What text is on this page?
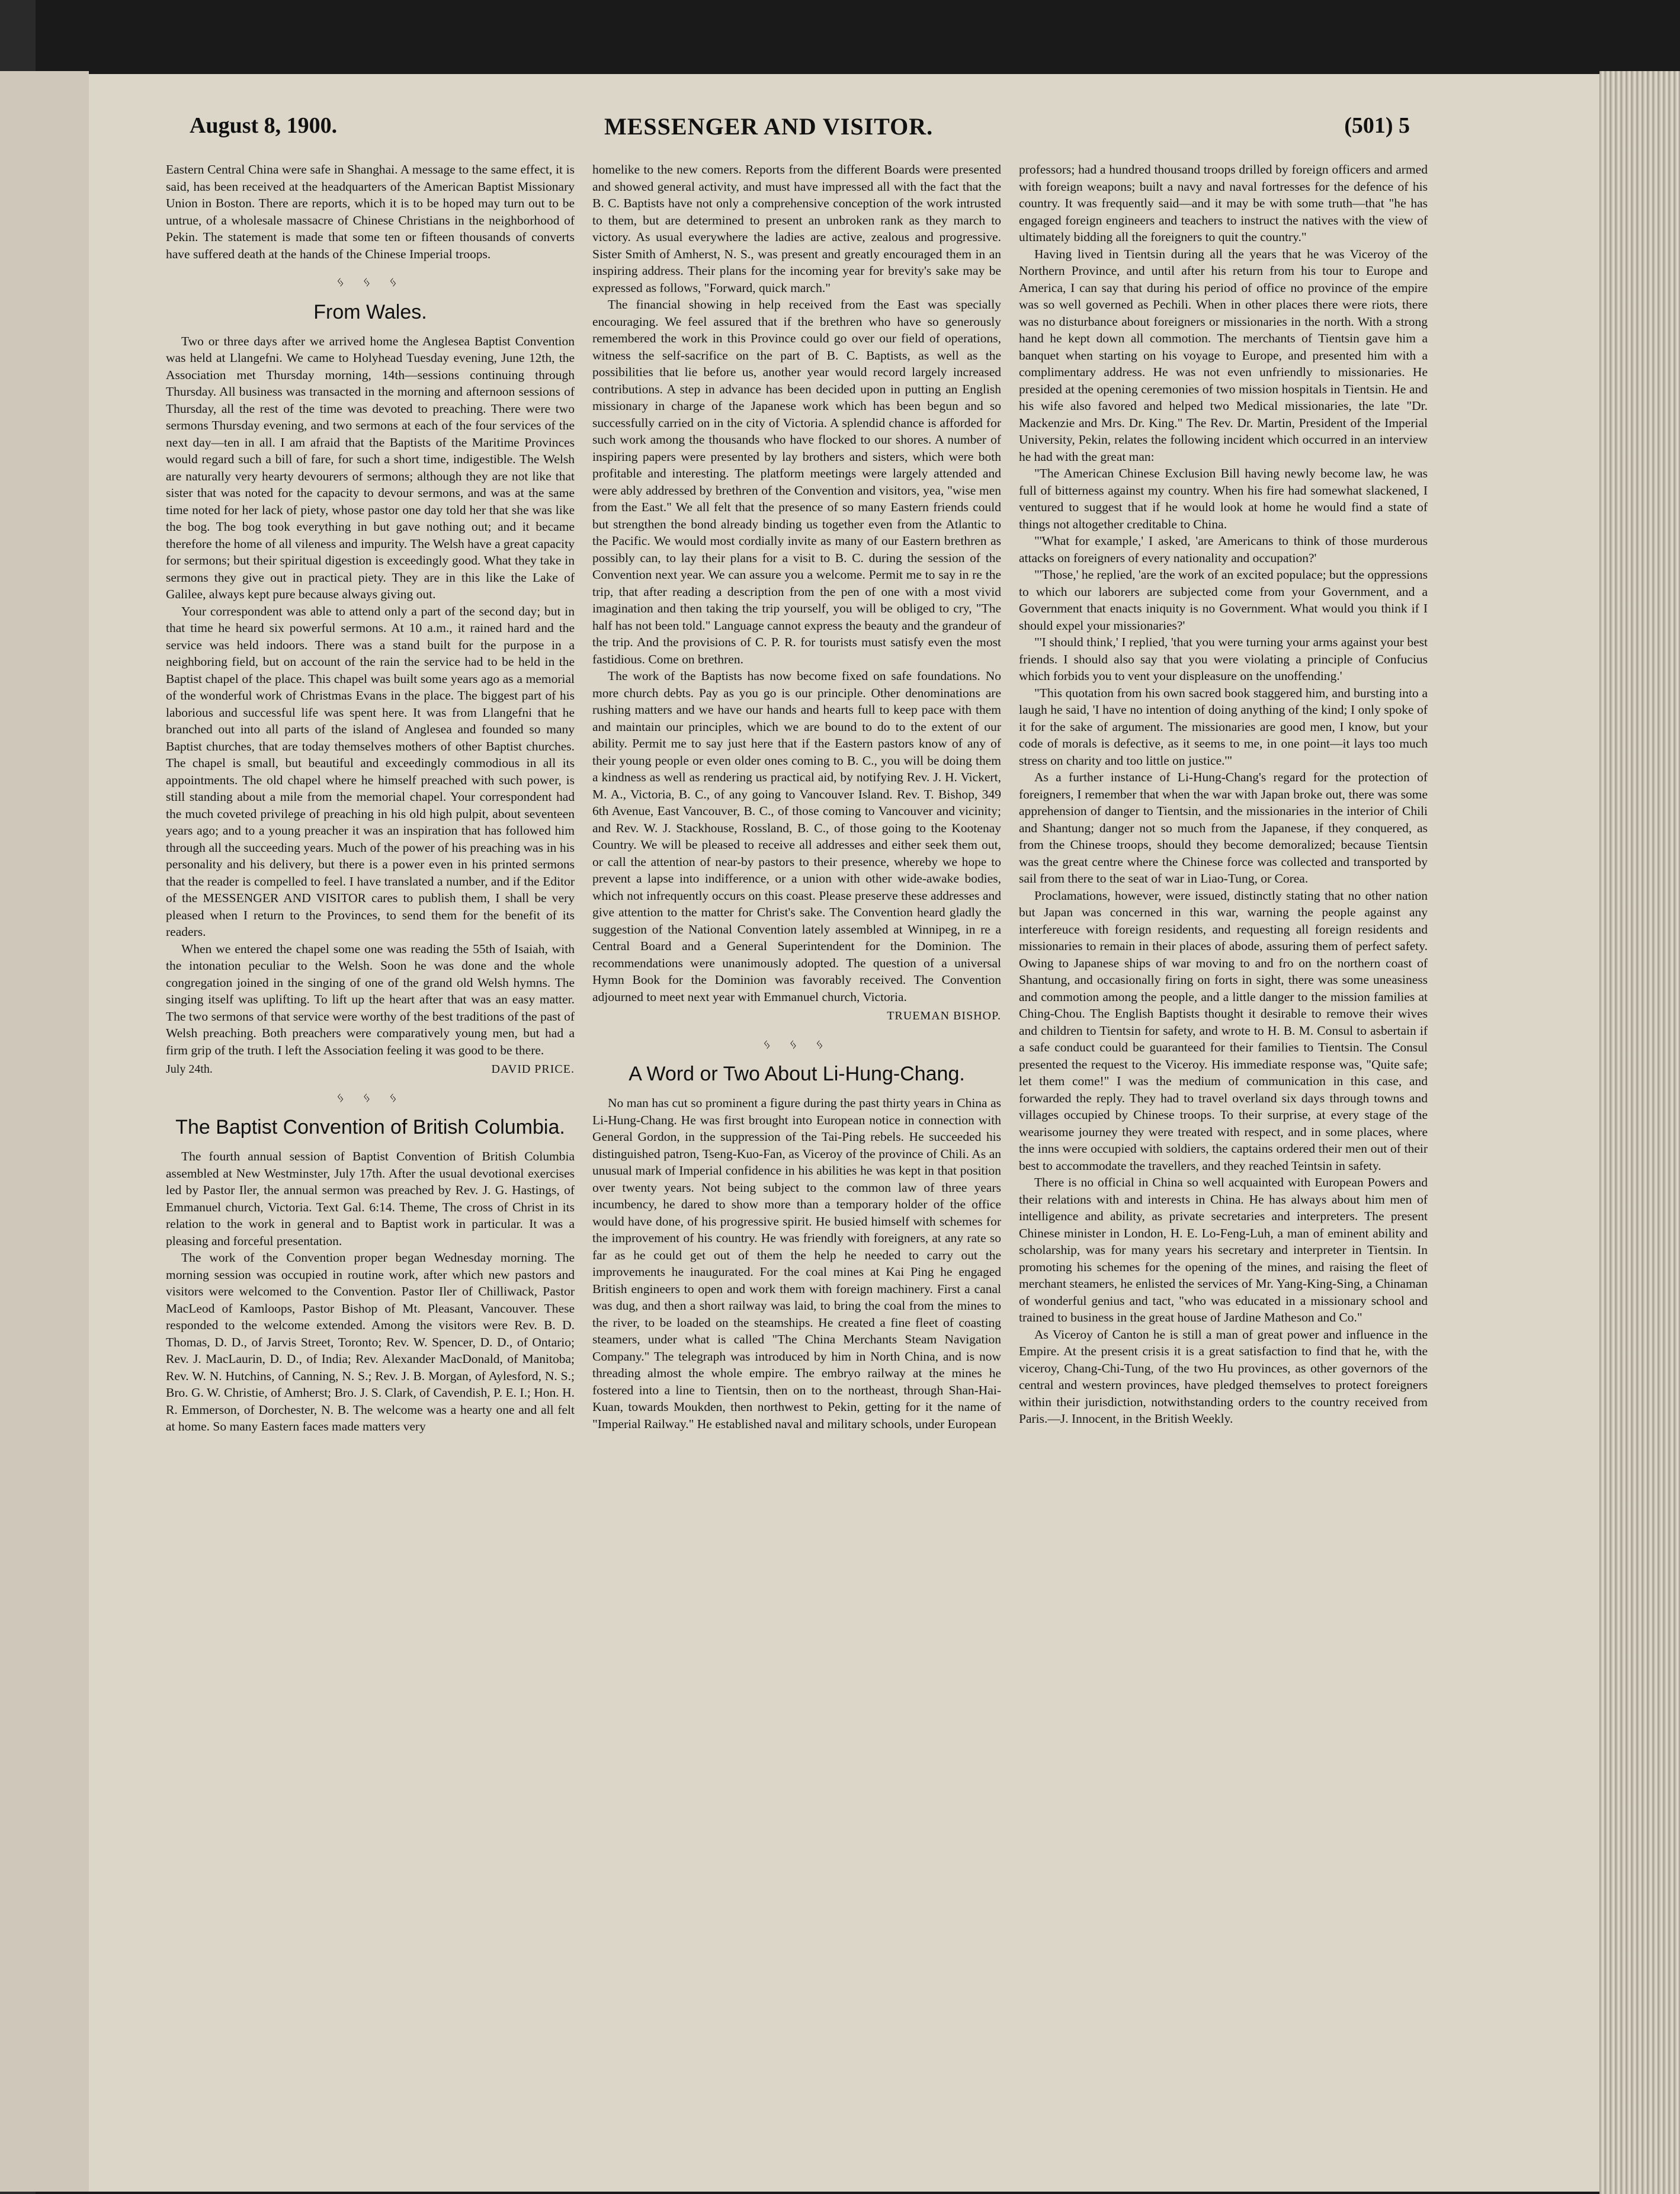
August 8, 1900.	MESSENGER AND VISITOR.	(501) 5

Eastern Central China were safe in Shanghai. A message to the same effect, it is said, has been received at the headquarters of the American Baptist Missionary Union in Boston. There are reports, which it is to be hoped may turn out to be untrue, of a wholesale massacre of Chinese Christians in the neighborhood of Pekin. The statement is made that some ten or fifteen thousands of converts have suffered death at the hands of the Chinese Imperial troops.

ᛃ ᛃ ᛃ
From Wales.

Two or three days after we arrived home the Anglesea Baptist Convention was held at Llangefni. We came to Holyhead Tuesday evening, June 12th, the Association met Thursday morning, 14th—sessions continuing through Thursday. All business was transacted in the morning and afternoon sessions of Thursday, all the rest of the time was devoted to preaching. There were two sermons Thursday evening, and two sermons at each of the four services of the next day—ten in all. I am afraid that the Baptists of the Maritime Provinces would regard such a bill of fare, for such a short time, indigestible. The Welsh are naturally very hearty devourers of sermons; although they are not like that sister that was noted for the capacity to devour sermons, and was at the same time noted for her lack of piety, whose pastor one day told her that she was like the bog. The bog took everything in but gave nothing out; and it became therefore the home of all vileness and impurity. The Welsh have a great capacity for sermons; but their spiritual digestion is exceedingly good. What they take in sermons they give out in practical piety. They are in this like the Lake of Galilee, always kept pure because always giving out.

Your correspondent was able to attend only a part of the second day; but in that time he heard six powerful sermons. At 10 a.m., it rained hard and the service was held indoors. There was a stand built for the purpose in a neighboring field, but on account of the rain the service had to be held in the Baptist chapel of the place. This chapel was built some years ago as a memorial of the wonderful work of Christmas Evans in the place. The biggest part of his laborious and successful life was spent here. It was from Llangefni that he branched out into all parts of the island of Anglesea and founded so many Baptist churches, that are today themselves mothers of other Baptist churches. The chapel is small, but beautiful and exceedingly commodious in all its appointments. The old chapel where he himself preached with such power, is still standing about a mile from the memorial chapel. Your correspondent had the much coveted privilege of preaching in his old high pulpit, about seventeen years ago; and to a young preacher it was an inspiration that has followed him through all the succeeding years. Much of the power of his preaching was in his personality and his delivery, but there is a power even in his printed sermons that the reader is compelled to feel. I have translated a number, and if the Editor of the MESSENGER AND VISITOR cares to publish them, I shall be very pleased when I return to the Provinces, to send them for the benefit of its readers.

When we entered the chapel some one was reading the 55th of Isaiah, with the intonation peculiar to the Welsh. Soon he was done and the whole congregation joined in the singing of one of the grand old Welsh hymns. The singing itself was uplifting. To lift up the heart after that was an easy matter. The two sermons of that service were worthy of the best traditions of the past of Welsh preaching. Both preachers were comparatively young men, but had a firm grip of the truth. I left the Association feeling it was good to be there.

July 24th.	DAVID PRICE.
ᛃ ᛃ ᛃ
The Baptist Convention of British Columbia.

The fourth annual session of Baptist Convention of British Columbia assembled at New Westminster, July 17th. After the usual devotional exercises led by Pastor Iler, the annual sermon was preached by Rev. J. G. Hastings, of Emmanuel church, Victoria. Text Gal. 6:14. Theme, The cross of Christ in its relation to the work in general and to Baptist work in particular. It was a pleasing and forceful presentation.

The work of the Convention proper began Wednesday morning. The morning session was occupied in routine work, after which new pastors and visitors were welcomed to the Convention. Pastor Iler of Chilliwack, Pastor MacLeod of Kamloops, Pastor Bishop of Mt. Pleasant, Vancouver. These responded to the welcome extended. Among the visitors were Rev. B. D. Thomas, D. D., of Jarvis Street, Toronto; Rev. W. Spencer, D. D., of Ontario; Rev. J. MacLaurin, D. D., of India; Rev. Alexander MacDonald, of Manitoba; Rev. W. N. Hutchins, of Canning, N. S.; Rev. J. B. Morgan, of Aylesford, N. S.; Bro. G. W. Christie, of Amherst; Bro. J. S. Clark, of Cavendish, P. E. I.; Hon. H. R. Emmerson, of Dorchester, N. B. The welcome was a hearty one and all felt at home. So many Eastern faces made matters very

homelike to the new comers. Reports from the different Boards were presented and showed general activity, and must have impressed all with the fact that the B. C. Baptists have not only a comprehensive conception of the work intrusted to them, but are determined to present an unbroken rank as they march to victory. As usual everywhere the ladies are active, zealous and progressive. Sister Smith of Amherst, N. S., was present and greatly encouraged them in an inspiring address. Their plans for the incoming year for brevity's sake may be expressed as follows, "Forward, quick march."

The financial showing in help received from the East was specially encouraging. We feel assured that if the brethren who have so generously remembered the work in this Province could go over our field of operations, witness the self-sacrifice on the part of B. C. Baptists, as well as the possibilities that lie before us, another year would record largely increased contributions. A step in advance has been decided upon in putting an English missionary in charge of the Japanese work which has been begun and so successfully carried on in the city of Victoria. A splendid chance is afforded for such work among the thousands who have flocked to our shores. A number of inspiring papers were presented by lay brothers and sisters, which were both profitable and interesting. The platform meetings were largely attended and were ably addressed by brethren of the Convention and visitors, yea, "wise men from the East." We all felt that the presence of so many Eastern friends could but strengthen the bond already binding us together even from the Atlantic to the Pacific. We would most cordially invite as many of our Eastern brethren as possibly can, to lay their plans for a visit to B. C. during the session of the Convention next year. We can assure you a welcome. Permit me to say in re the trip, that after reading a description from the pen of one with a most vivid imagination and then taking the trip yourself, you will be obliged to cry, "The half has not been told." Language cannot express the beauty and the grandeur of the trip. And the provisions of C. P. R. for tourists must satisfy even the most fastidious. Come on brethren.

The work of the Baptists has now become fixed on safe foundations. No more church debts. Pay as you go is our principle. Other denominations are rushing matters and we have our hands and hearts full to keep pace with them and maintain our principles, which we are bound to do to the extent of our ability. Permit me to say just here that if the Eastern pastors know of any of their young people or even older ones coming to B. C., you will be doing them a kindness as well as rendering us practical aid, by notifying Rev. J. H. Vickert, M. A., Victoria, B. C., of any going to Vancouver Island. Rev. T. Bishop, 349 6th Avenue, East Vancouver, B. C., of those coming to Vancouver and vicinity; and Rev. W. J. Stackhouse, Rossland, B. C., of those going to the Kootenay Country. We will be pleased to receive all addresses and either seek them out, or call the attention of near-by pastors to their presence, whereby we hope to prevent a lapse into indifference, or a union with other wide-awake bodies, which not infrequently occurs on this coast. Please preserve these addresses and give attention to the matter for Christ's sake. The Convention heard gladly the suggestion of the National Convention lately assembled at Winnipeg, in re a Central Board and a General Superintendent for the Dominion. The recommendations were unanimously adopted. The question of a universal Hymn Book for the Dominion was favorably received. The Convention adjourned to meet next year with Emmanuel church, Victoria.

TRUEMAN BISHOP.
ᛃ ᛃ ᛃ
A Word or Two About Li-Hung-Chang.

No man has cut so prominent a figure during the past thirty years in China as Li-Hung-Chang. He was first brought into European notice in connection with General Gordon, in the suppression of the Tai-Ping rebels. He succeeded his distinguished patron, Tseng-Kuo-Fan, as Viceroy of the province of Chili. As an unusual mark of Imperial confidence in his abilities he was kept in that position over twenty years. Not being subject to the common law of three years incumbency, he dared to show more than a temporary holder of the office would have done, of his progressive spirit. He busied himself with schemes for the improvement of his country. He was friendly with foreigners, at any rate so far as he could get out of them the help he needed to carry out the improvements he inaugurated. For the coal mines at Kai Ping he engaged British engineers to open and work them with foreign machinery. First a canal was dug, and then a short railway was laid, to bring the coal from the mines to the river, to be loaded on the steamships. He created a fine fleet of coasting steamers, under what is called "The China Merchants Steam Navigation Company." The telegraph was introduced by him in North China, and is now threading almost the whole empire. The embryo railway at the mines he fostered into a line to Tientsin, then on to the northeast, through Shan-Hai-Kuan, towards Moukden, then northwest to Pekin, getting for it the name of "Imperial Railway." He established naval and military schools, under European

professors; had a hundred thousand troops drilled by foreign officers and armed with foreign weapons; built a navy and naval fortresses for the defence of his country. It was frequently said—and it may be with some truth—that "he has engaged foreign engineers and teachers to instruct the natives with the view of ultimately bidding all the foreigners to quit the country."

Having lived in Tientsin during all the years that he was Viceroy of the Northern Province, and until after his return from his tour to Europe and America, I can say that during his period of office no province of the empire was so well governed as Pechili. When in other places there were riots, there was no disturbance about foreigners or missionaries in the north. With a strong hand he kept down all commotion. The merchants of Tientsin gave him a banquet when starting on his voyage to Europe, and presented him with a complimentary address. He was not even unfriendly to missionaries. He presided at the opening ceremonies of two mission hospitals in Tientsin. He and his wife also favored and helped two Medical missionaries, the late "Dr. Mackenzie and Mrs. Dr. King." The Rev. Dr. Martin, President of the Imperial University, Pekin, relates the following incident which occurred in an interview he had with the great man:

"The American Chinese Exclusion Bill having newly become law, he was full of bitterness against my country. When his fire had somewhat slackened, I ventured to suggest that if he would look at home he would find a state of things not altogether creditable to China.

"'What for example,' I asked, 'are Americans to think of those murderous attacks on foreigners of every nationality and occupation?'

"'Those,' he replied, 'are the work of an excited populace; but the oppressions to which our laborers are subjected come from your Government, and a Government that enacts iniquity is no Government. What would you think if I should expel your missionaries?'

"'I should think,' I replied, 'that you were turning your arms against your best friends. I should also say that you were violating a principle of Confucius which forbids you to vent your displeasure on the unoffending.'

"This quotation from his own sacred book staggered him, and bursting into a laugh he said, 'I have no intention of doing anything of the kind; I only spoke of it for the sake of argument. The missionaries are good men, I know, but your code of morals is defective, as it seems to me, in one point—it lays too much stress on charity and too little on justice.'"

As a further instance of Li-Hung-Chang's regard for the protection of foreigners, I remember that when the war with Japan broke out, there was some apprehension of danger to Tientsin, and the missionaries in the interior of Chili and Shantung; danger not so much from the Japanese, if they conquered, as from the Chinese troops, should they become demoralized; because Tientsin was the great centre where the Chinese force was collected and transported by sail from there to the seat of war in Liao-Tung, or Corea.

Proclamations, however, were issued, distinctly stating that no other nation but Japan was concerned in this war, warning the people against any interfereuce with foreign residents, and requesting all foreign residents and missionaries to remain in their places of abode, assuring them of perfect safety. Owing to Japanese ships of war moving to and fro on the northern coast of Shantung, and occasionally firing on forts in sight, there was some uneasiness and commotion among the people, and a little danger to the mission families at Ching-Chou. The English Baptists thought it desirable to remove their wives and children to Tientsin for safety, and wrote to H. B. M. Consul to asbertain if a safe conduct could be guaranteed for their families to Tientsin. The Consul presented the request to the Viceroy. His immediate response was, "Quite safe; let them come!" I was the medium of communication in this case, and forwarded the reply. They had to travel overland six days through towns and villages occupied by Chinese troops. To their surprise, at every stage of the wearisome journey they were treated with respect, and in some places, where the inns were occupied with soldiers, the captains ordered their men out of their best to accommodate the travellers, and they reached Teintsin in safety.

There is no official in China so well acquainted with European Powers and their relations with and interests in China. He has always about him men of intelligence and ability, as private secretaries and interpreters. The present Chinese minister in London, H. E. Lo-Feng-Luh, a man of eminent ability and scholarship, was for many years his secretary and interpreter in Tientsin. In promoting his schemes for the opening of the mines, and raising the fleet of merchant steamers, he enlisted the services of Mr. Yang-King-Sing, a Chinaman of wonderful genius and tact, "who was educated in a missionary school and trained to business in the great house of Jardine Matheson and Co."

As Viceroy of Canton he is still a man of great power and influence in the Empire. At the present crisis it is a great satisfaction to find that he, with the viceroy, Chang-Chi-Tung, of the two Hu provinces, as other governors of the central and western provinces, have pledged themselves to protect foreigners within their jurisdiction, notwithstanding orders to the country received from Paris.—J. Innocent, in the British Weekly.
